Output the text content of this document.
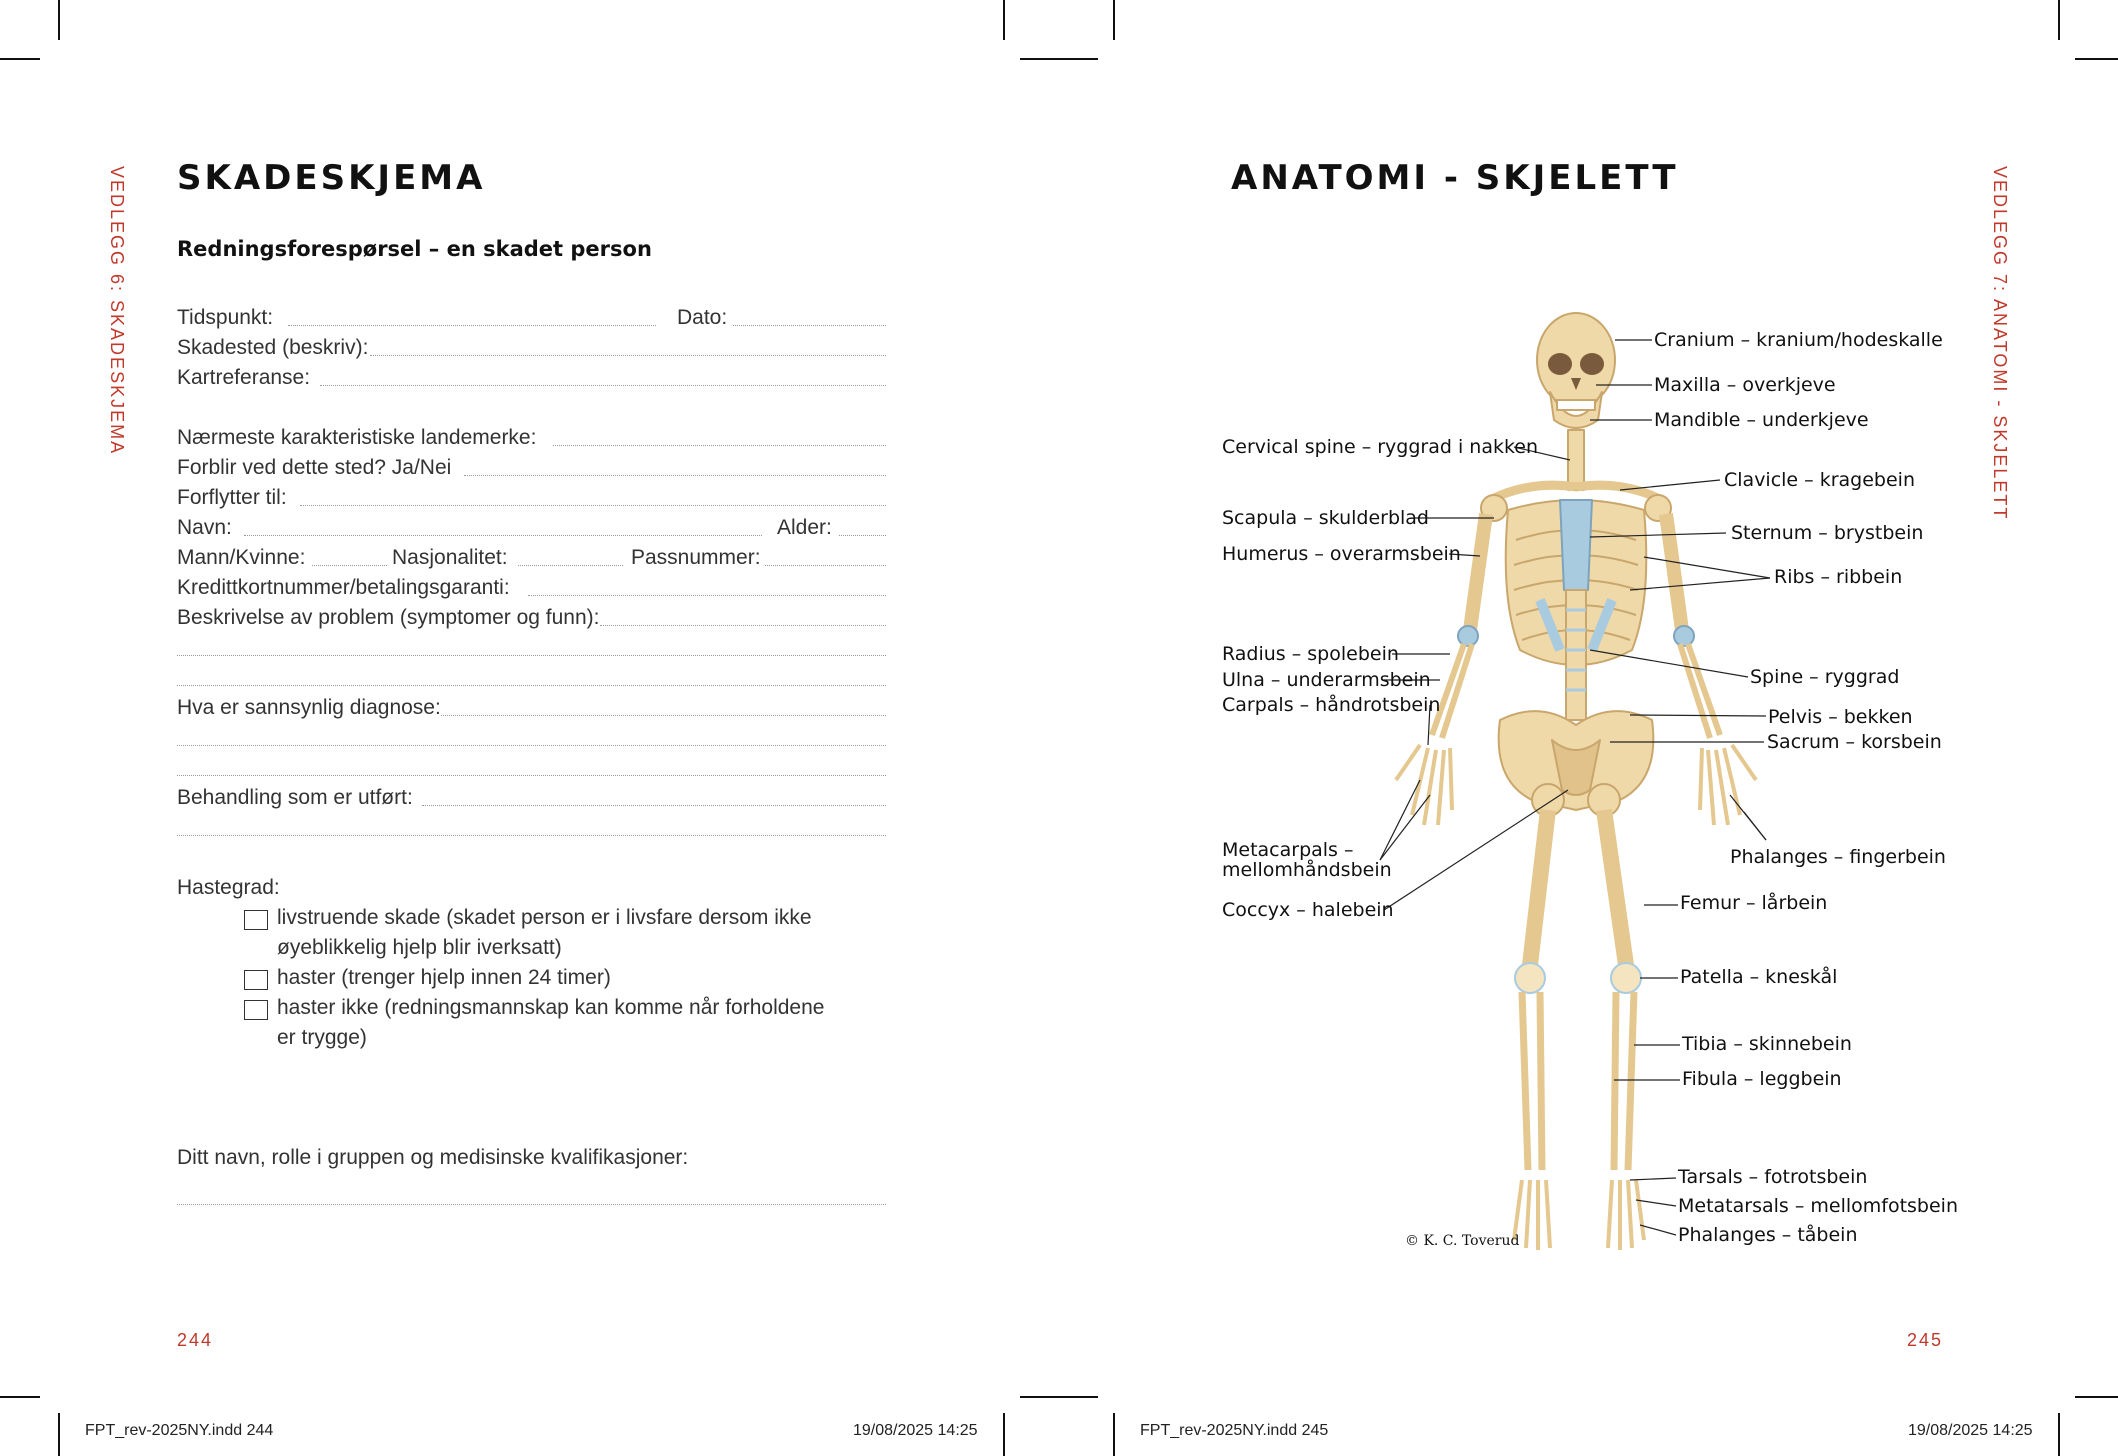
VEDLEGG 6: SKADESKJEMA SKADESKJEMA
Redningsforespørsel – en skadet person
Tidspunkt:	Dato:
Skadested (beskriv):
Kartreferanse:
Nærmeste karakteristiske landemerke:
Forblir ved dette sted? Ja/Nei
Forflytter til:
Navn:	Alder:
Mann/Kvinne:	Nasjonalitet:	Passnummer:
Kredittkortnummer/betalingsgaranti:
Beskrivelse av problem (symptomer og funn):
Hva er sannsynlig diagnose:
Behandling som er utført:
Hastegrad:
livstruende skade (skadet person er i livsfare dersom ikke
øyeblikkelig hjelp blir iverksatt)
haster (trenger hjelp innen 24 timer)
haster ikke (redningsmannskap kan komme når forholdene
er trygge)
Ditt navn, rolle i gruppen og medisinske kvalifikasjoner:
244
FPT_rev-2025NY.indd 244	19/08/2025 14:25
ANATOMI - SKJELETT	VEDLEGG 7: ANATOMI - SKJELETT
Cranium – kranium/hodeskalle
Maxilla – overkjeve
Mandible – underkjeve
Cervical spine – ryggrad i nakken
Clavicle – kragebein
Scapula – skulderblad
Sternum – brystbein
Humerus – overarmsbein
Ribs – ribbein
Radius – spolebein
Spine – ryggrad
Ulna – underarmsbein
Carpals – håndrotsbein
Pelvis – bekken
Sacrum – korsbein
Metacarpals –
mellomhåndsbein
Phalanges – fingerbein
Femur – lårbein
Coccyx – halebein
Patella – kneskål
Tibia – skinnebein
Fibula – leggbein
Tarsals – fotrotsbein
Metatarsals – mellomfotsbein
Phalanges – tåbein
© K. C. Toverud
245
FPT_rev-2025NY.indd 245	19/08/2025 14:25
